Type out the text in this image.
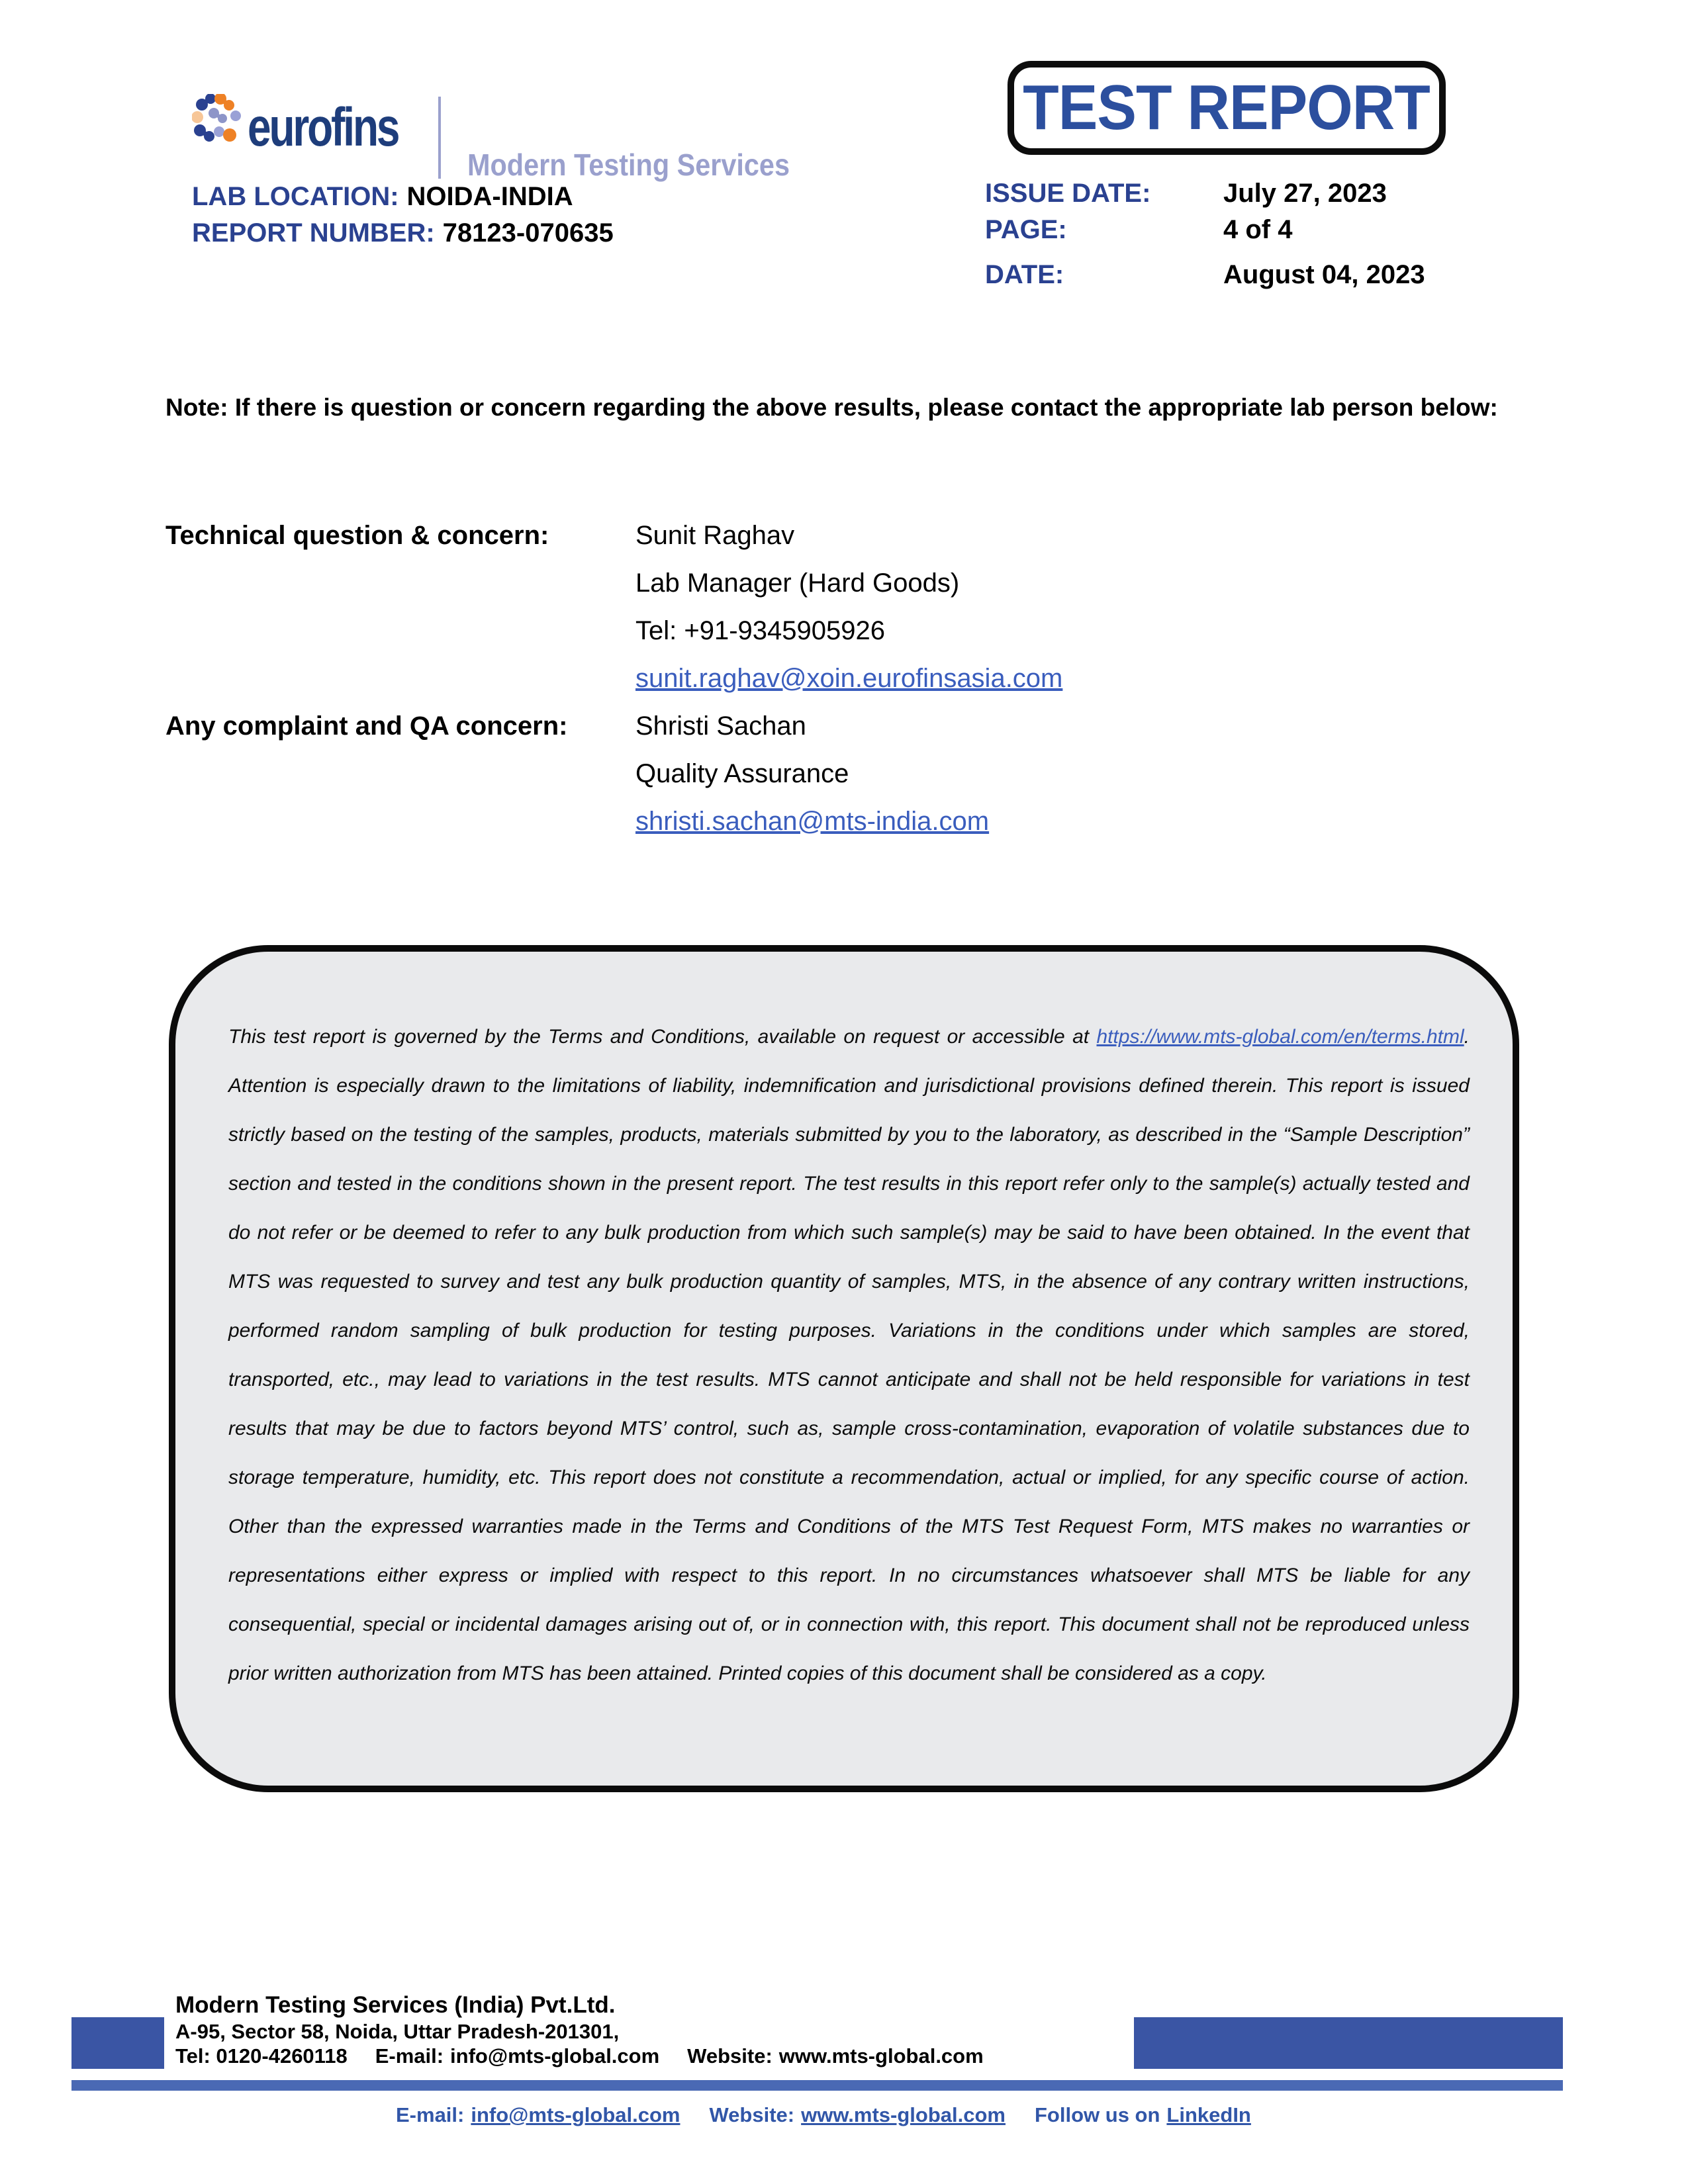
eurofins
Modern Testing Services
LAB LOCATION: NOIDA-INDIA
REPORT NUMBER: 78123-070635
TEST REPORT
ISSUE DATE:	July 27, 2023
PAGE:	4 of 4
DATE:	August 04, 2023
Note: If there is question or concern regarding the above results, please contact the appropriate lab person below:
Technical question & concern:	Sunit Raghav
Lab Manager (Hard Goods)
Tel: +91-9345905926
sunit.raghav@xoin.eurofinsasia.com
Any complaint and QA concern:	Shristi Sachan
Quality Assurance
shristi.sachan@mts-india.com

This test report is governed by the Terms and Conditions, available on request or accessible at https://www.mts-global.com/en/terms.html. Attention is especially drawn to the limitations of liability, indemnification and jurisdictional provisions defined therein. This report is issued strictly based on the testing of the samples, products, materials submitted by you to the laboratory, as described in the “Sample Description” section and tested in the conditions shown in the present report. The test results in this report refer only to the sample(s) actually tested and do not refer or be deemed to refer to any bulk production from which such sample(s) may be said to have been obtained. In the event that MTS was requested to survey and test any bulk production quantity of samples, MTS, in the absence of any contrary written instructions, performed random sampling of bulk production for testing purposes. Variations in the conditions under which samples are stored, transported, etc., may lead to variations in the test results. MTS cannot anticipate and shall not be held responsible for variations in test results that may be due to factors beyond MTS’ control, such as, sample cross-contamination, evaporation of volatile substances due to storage temperature, humidity, etc. This report does not constitute a recommendation, actual or implied, for any specific course of action. Other than the expressed warranties made in the Terms and Conditions of the MTS Test Request Form, MTS makes no warranties or representations either express or implied with respect to this report. In no circumstances whatsoever shall MTS be liable for any consequential, special or incidental damages arising out of, or in connection with, this report. This document shall not be reproduced unless prior written authorization from MTS has been attained. Printed copies of this document shall be considered as a copy.

Modern Testing Services (India) Pvt.Ltd.
A-95, Sector 58, Noida, Uttar Pradesh-201301,
Tel: 0120-4260118 E-mail: info@mts-global.com Website: www.mts-global.com
E-mail: info@mts-global.com Website: www.mts-global.com Follow us on LinkedIn
